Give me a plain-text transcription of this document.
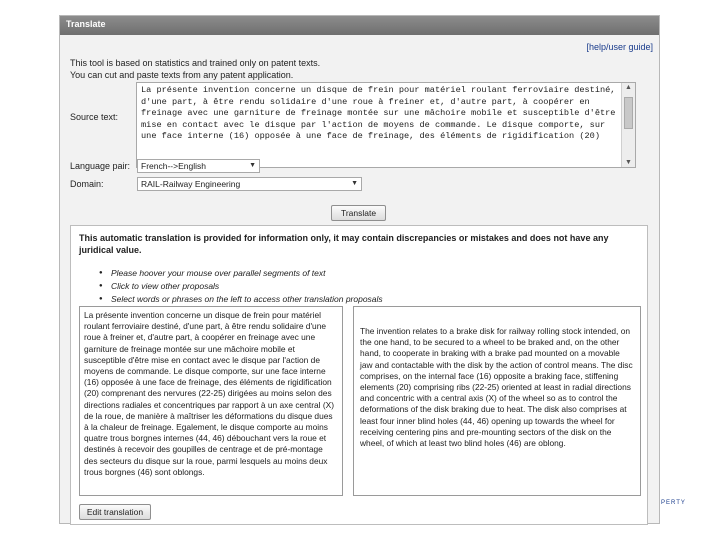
Translate
[help/user guide]
This tool is based on statistics and trained only on patent texts.
You can cut and paste texts from any patent application.
Source text:
La présente invention concerne un disque de frein pour matériel roulant ferroviaire destiné, d'une part, à être rendu solidaire d'une roue à freiner et, d'autre part, à coopérer en freinage avec une garniture de freinage montée sur une mâchoire mobile et susceptible d'être mise en contact avec le disque par l'action de moyens de commande. Le disque comporte, sur une face interne (16) opposée à une face de freinage, des éléments de rigidification (20)
▲
▼
Language pair:	French-->English	▼
Domain:	RAIL-Railway Engineering	▼
Translate
This automatic translation is provided for information only, it may contain discrepancies or mistakes and does not have any juridical value.
● Please hoover your mouse over parallel segments of text
● Click to view other proposals
● Select words or phrases on the left to access other translation proposals

La présente invention concerne un disque de frein pour matériel roulant ferroviaire destiné, d'une part, à être rendu solidaire d'une roue à freiner et, d'autre part, à coopérer en freinage avec une garniture de freinage montée sur une mâchoire mobile et susceptible d'être mise en contact avec le disque par l'action de moyens de commande. Le disque comporte, sur une face interne (16) opposée à une face de freinage, des éléments de rigidification (20) comprenant des nervures (22-25) dirigées au moins selon des directions radiales et concentriques par rapport à un axe central (X) de la roue, de manière à maîtriser les déformations du disque dues à la chaleur de freinage. Egalement, le disque comporte au moins quatre trous borgnes internes (44, 46) débouchant vers la roue et destinés à recevoir des goupilles de centrage et de pré-montage des secteurs du disque sur la roue, parmi lesquels au moins deux trous borgnes (46) sont oblongs.

The invention relates to a brake disk for railway rolling stock intended, on the one hand, to be secured to a wheel to be braked and, on the other hand, to cooperate in braking with a brake pad mounted on a movable jaw and contactable with the disk by the action of control means. The disc comprises, on the internal face (16) opposite a braking face, stiffening elements (20) comprising ribs (22-25) oriented at least in radial directions and concentric with a central axis (X) of the wheel so as to control the deformations of the disk braking due to heat. The disk also comprises at least four inner blind holes (44, 46) opening up towards the wheel for receiving centering pins and pre-mounting sectors of the disk on the wheel, of which at least two blind holes (46) are oblong.

Edit translation
PERTY
